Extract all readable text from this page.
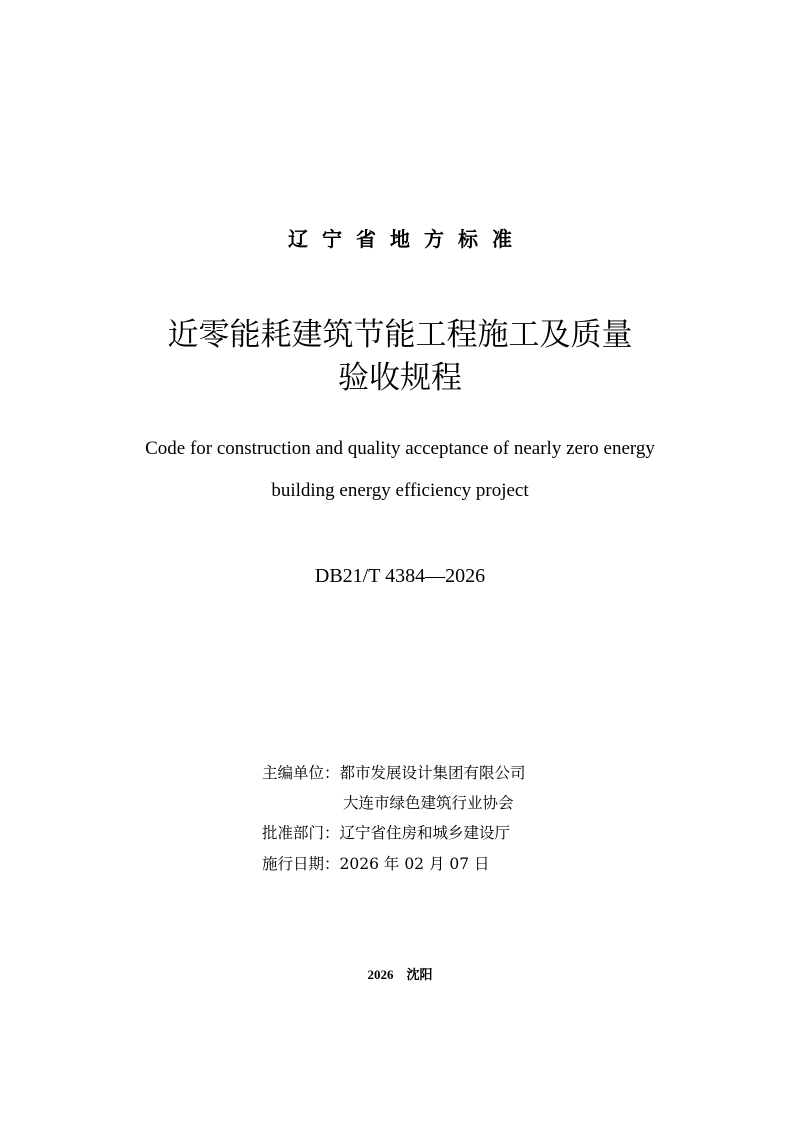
辽宁省地方标准
近零能耗建筑节能工程施工及质量
验收规程
Code for construction and quality acceptance of nearly zero energy
building energy efficiency project
DB21/T 4384—2026
主编单位：都市发展设计集团有限公司
大连市绿色建筑行业协会
批准部门：辽宁省住房和城乡建设厅
施行日期：2026 年 02 月 07 日
2026　沈阳
